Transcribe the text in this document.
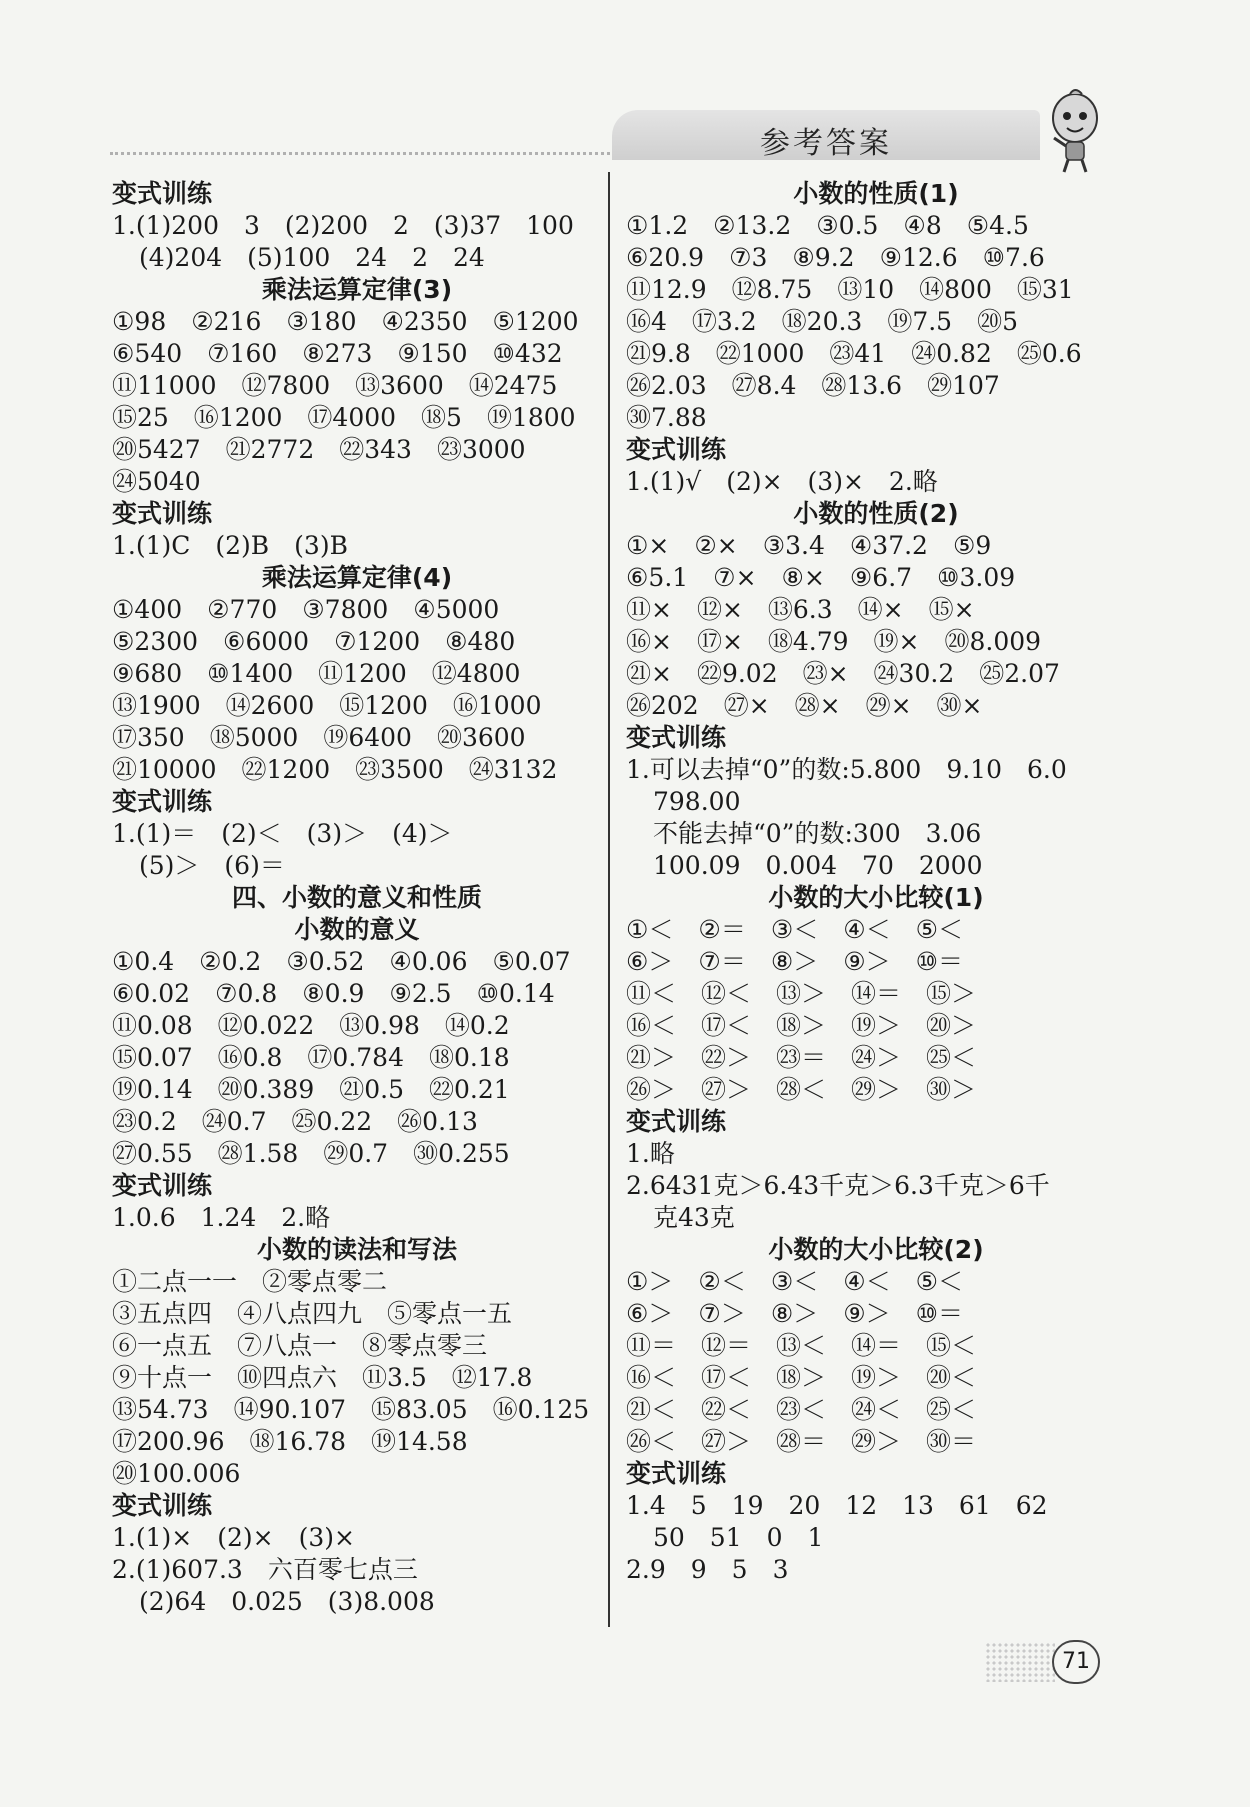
参考答案
变式训练
1.(1)200　3　(2)200　2　(3)37　100
(4)204　(5)100　24　2　24
乘法运算定律(3)
①98　②216　③180　④2350　⑤1200
⑥540　⑦160　⑧273　⑨150　⑩432
⑪11000　⑫7800　⑬3600　⑭2475
⑮25　⑯1200　⑰4000　⑱5　⑲1800
⑳5427　㉑2772　㉒343　㉓3000
㉔5040
变式训练
1.(1)C　(2)B　(3)B
乘法运算定律(4)
①400　②770　③7800　④5000
⑤2300　⑥6000　⑦1200　⑧480
⑨680　⑩1400　⑪1200　⑫4800
⑬1900　⑭2600　⑮1200　⑯1000
⑰350　⑱5000　⑲6400　⑳3600
㉑10000　㉒1200　㉓3500　㉔3132
变式训练
1.(1)＝　(2)＜　(3)＞　(4)＞
(5)＞　(6)＝
四、小数的意义和性质
小数的意义
①0.4　②0.2　③0.52　④0.06　⑤0.07
⑥0.02　⑦0.8　⑧0.9　⑨2.5　⑩0.14
⑪0.08　⑫0.022　⑬0.98　⑭0.2
⑮0.07　⑯0.8　⑰0.784　⑱0.18
⑲0.14　⑳0.389　㉑0.5　㉒0.21
㉓0.2　㉔0.7　㉕0.22　㉖0.13
㉗0.55　㉘1.58　㉙0.7　㉚0.255
变式训练
1.0.6　1.24　2.略
小数的读法和写法
①二点一一　②零点零二
③五点四　④八点四九　⑤零点一五
⑥一点五　⑦八点一　⑧零点零三
⑨十点一　⑩四点六　⑪3.5　⑫17.8
⑬54.73　⑭90.107　⑮83.05　⑯0.125
⑰200.96　⑱16.78　⑲14.58
⑳100.006
变式训练
1.(1)×　(2)×　(3)×
2.(1)607.3　六百零七点三
(2)64　0.025　(3)8.008
小数的性质(1)
①1.2　②13.2　③0.5　④8　⑤4.5
⑥20.9　⑦3　⑧9.2　⑨12.6　⑩7.6
⑪12.9　⑫8.75　⑬10　⑭800　⑮31
⑯4　⑰3.2　⑱20.3　⑲7.5　⑳5
㉑9.8　㉒1000　㉓41　㉔0.82　㉕0.6
㉖2.03　㉗8.4　㉘13.6　㉙107
㉚7.88
变式训练
1.(1)√　(2)×　(3)×　2.略
小数的性质(2)
①×　②×　③3.4　④37.2　⑤9
⑥5.1　⑦×　⑧×　⑨6.7　⑩3.09
⑪×　⑫×　⑬6.3　⑭×　⑮×
⑯×　⑰×　⑱4.79　⑲×　⑳8.009
㉑×　㉒9.02　㉓×　㉔30.2　㉕2.07
㉖202　㉗×　㉘×　㉙×　㉚×
变式训练
1.可以去掉“0”的数:5.800　9.10　6.0
798.00
不能去掉“0”的数:300　3.06
100.09　0.004　70　2000
小数的大小比较(1)
①＜　②＝　③＜　④＜　⑤＜
⑥＞　⑦＝　⑧＞　⑨＞　⑩＝
⑪＜　⑫＜　⑬＞　⑭＝　⑮＞
⑯＜　⑰＜　⑱＞　⑲＞　⑳＞
㉑＞　㉒＞　㉓＝　㉔＞　㉕＜
㉖＞　㉗＞　㉘＜　㉙＞　㉚＞
变式训练
1.略
2.6431克＞6.43千克＞6.3千克＞6千
克43克
小数的大小比较(2)
①＞　②＜　③＜　④＜　⑤＜
⑥＞　⑦＞　⑧＞　⑨＞　⑩＝
⑪＝　⑫＝　⑬＜　⑭＝　⑮＜
⑯＜　⑰＜　⑱＞　⑲＞　⑳＜
㉑＜　㉒＜　㉓＜　㉔＜　㉕＜
㉖＜　㉗＞　㉘＝　㉙＞　㉚＝
变式训练
1.4　5　19　20　12　13　61　62
50　51　0　1
2.9　9　5　3
71
